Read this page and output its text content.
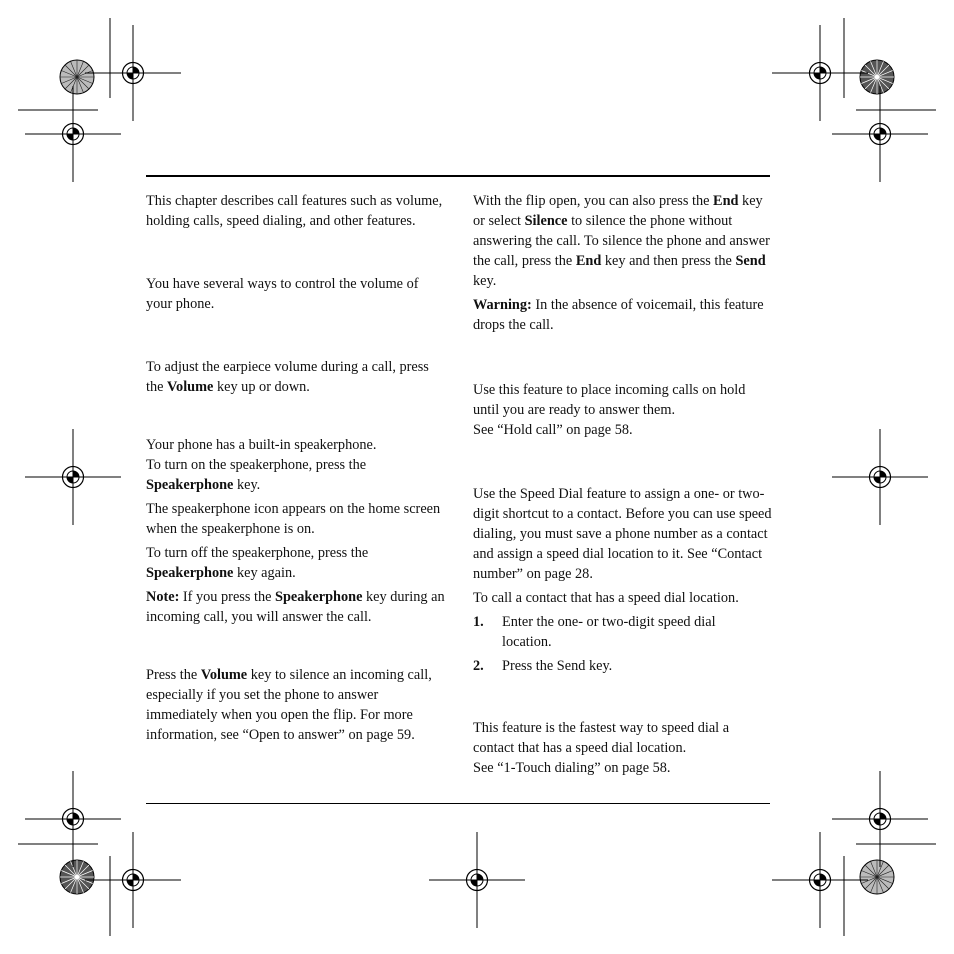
This chapter describes call features such as volume, holding calls, speed dialing, and other features.

You have several ways to control the volume of your phone.

To adjust the earpiece volume during a call, press the Volume key up or down.

Your phone has a built-in speakerphone.
To turn on the speakerphone, press the Speakerphone key.

The speakerphone icon appears on the home screen when the speakerphone is on.

To turn off the speakerphone, press the Speakerphone key again.

Note: If you press the Speakerphone key during an incoming call, you will answer the call.

Press the Volume key to silence an incoming call, especially if you set the phone to answer immediately when you open the flip. For more information, see “Open to answer” on page 59.

With the flip open, you can also press the End key or select Silence to silence the phone without answering the call. To silence the phone and answer the call, press the End key and then press the Send key.

Warning: In the absence of voicemail, this feature drops the call.

Use this feature to place incoming calls on hold until you are ready to answer them.
See “Hold call” on page 58.

Use the Speed Dial feature to assign a one- or two-digit shortcut to a contact. Before you can use speed dialing, you must save a phone number as a contact and assign a speed dial location to it. See “Contact number” on page 28.

To call a contact that has a speed dial location.

1. Enter the one- or two-digit speed dial location.

2. Press the Send key.

This feature is the fastest way to speed dial a contact that has a speed dial location.
See “1-Touch dialing” on page 58.
